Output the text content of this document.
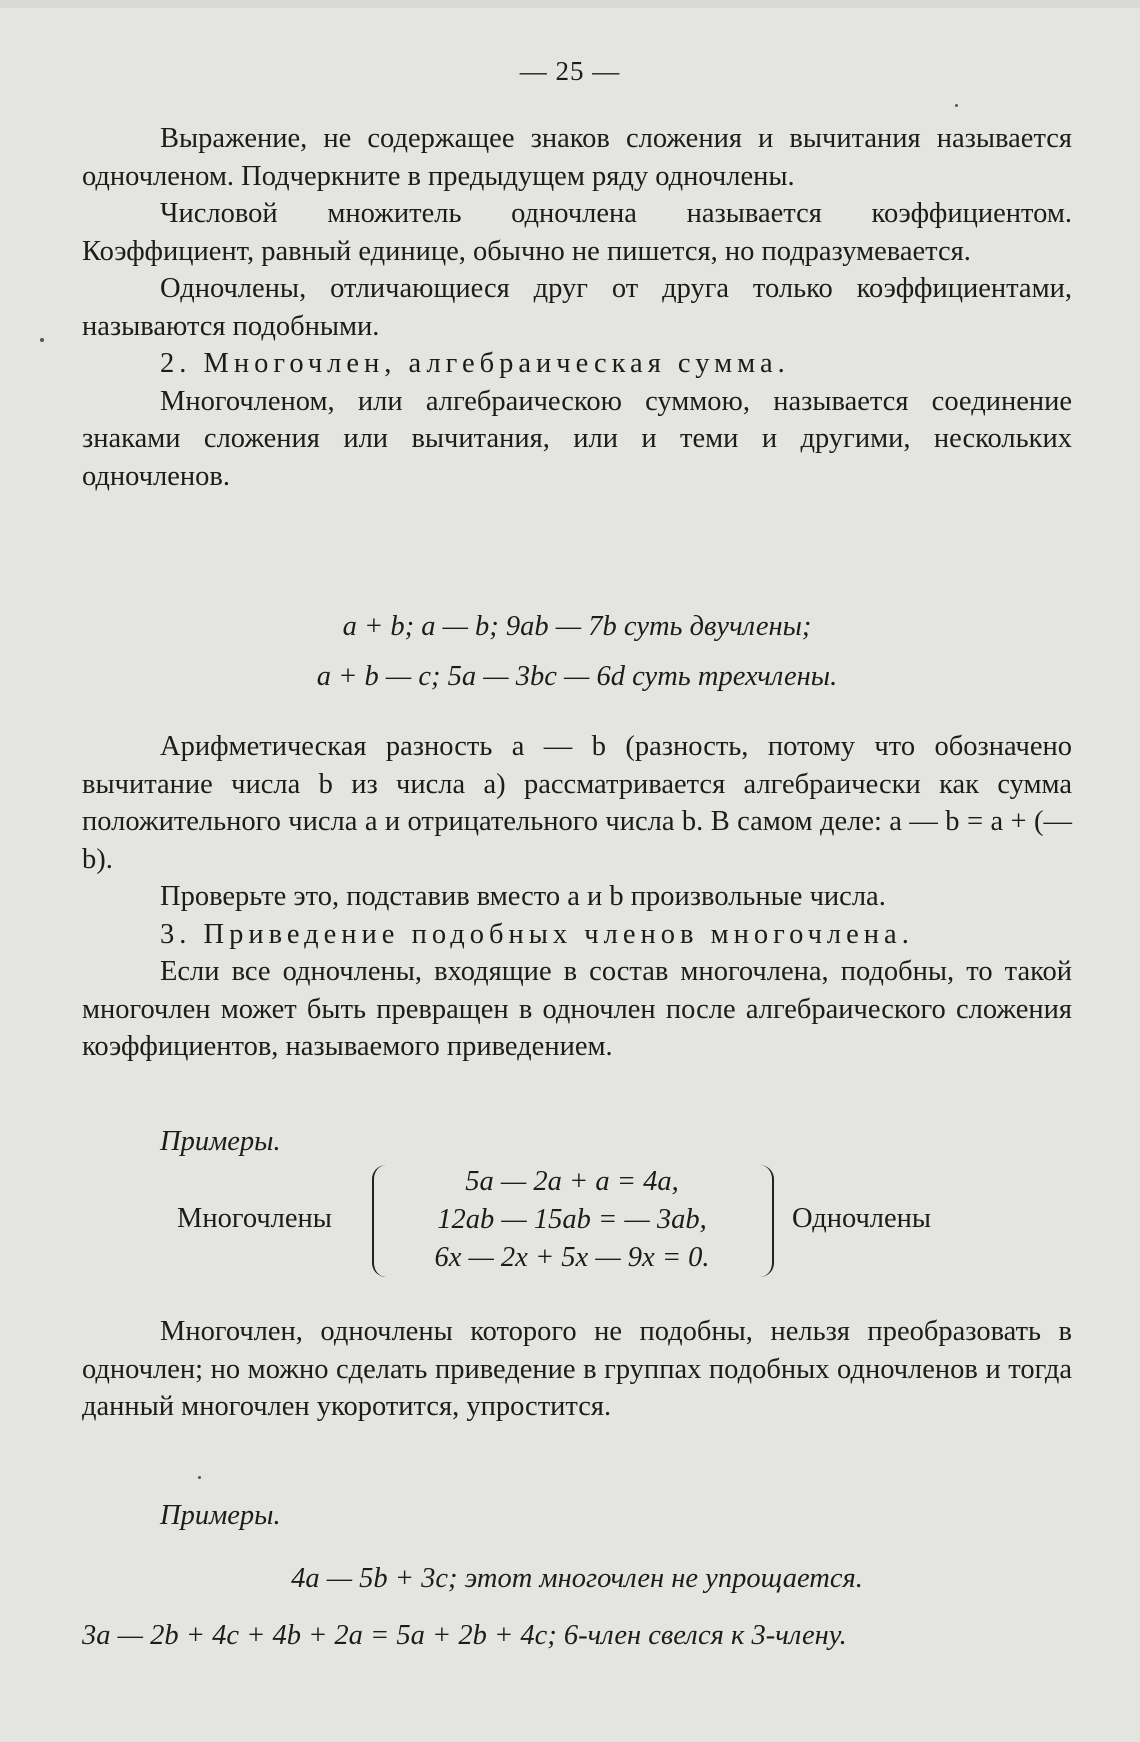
— 25 —

Выражение, не содержащее знаков сложения и вычитания называется одночленом. Подчеркните в предыдущем ряду одночлены.

Числовой множитель одночлена называется коэффициентом. Коэффициент, равный единице, обычно не пишется, но подразумевается.

Одночлены, отличающиеся друг от друга только коэффициентами, называются подобными.

2. Многочлен, алгебраическая сумма.

Многочленом, или алгебраическою суммою, называется соединение знаками сложения или вычитания, или и теми и другими, нескольких одночленов.

a + b; a — b; 9ab — 7b суть двучлены;
a + b — c; 5a — 3bc — 6d суть трехчлены.

Арифметическая разность a — b (разность, потому что обозначено вычитание числа b из числа a) рассматривается алгебраически как сумма положительного числа a и отрицательного числа b. В самом деле: a — b = a + (— b).

Проверьте это, подставив вместо a и b произвольные числа.

3. Приведение подобных членов многочлена.

Если все одночлены, входящие в состав многочлена, подобны, то такой многочлен может быть превращен в одночлен после алгебраического сложения коэффициентов, называемого приведением.

Примеры.
Многочлены
5a — 2a + a = 4a,
12ab — 15ab = — 3ab,
6x — 2x + 5x — 9x = 0.
Одночлены

Многочлен, одночлены которого не подобны, нельзя преобразовать в одночлен; но можно сделать приведение в группах подобных одночленов и тогда данный многочлен укоротится, упростится.

Примеры.
4a — 5b + 3c; этот многочлен не упрощается.
3a — 2b + 4c + 4b + 2a = 5a + 2b + 4c; 6-член свелся к 3-члену.
